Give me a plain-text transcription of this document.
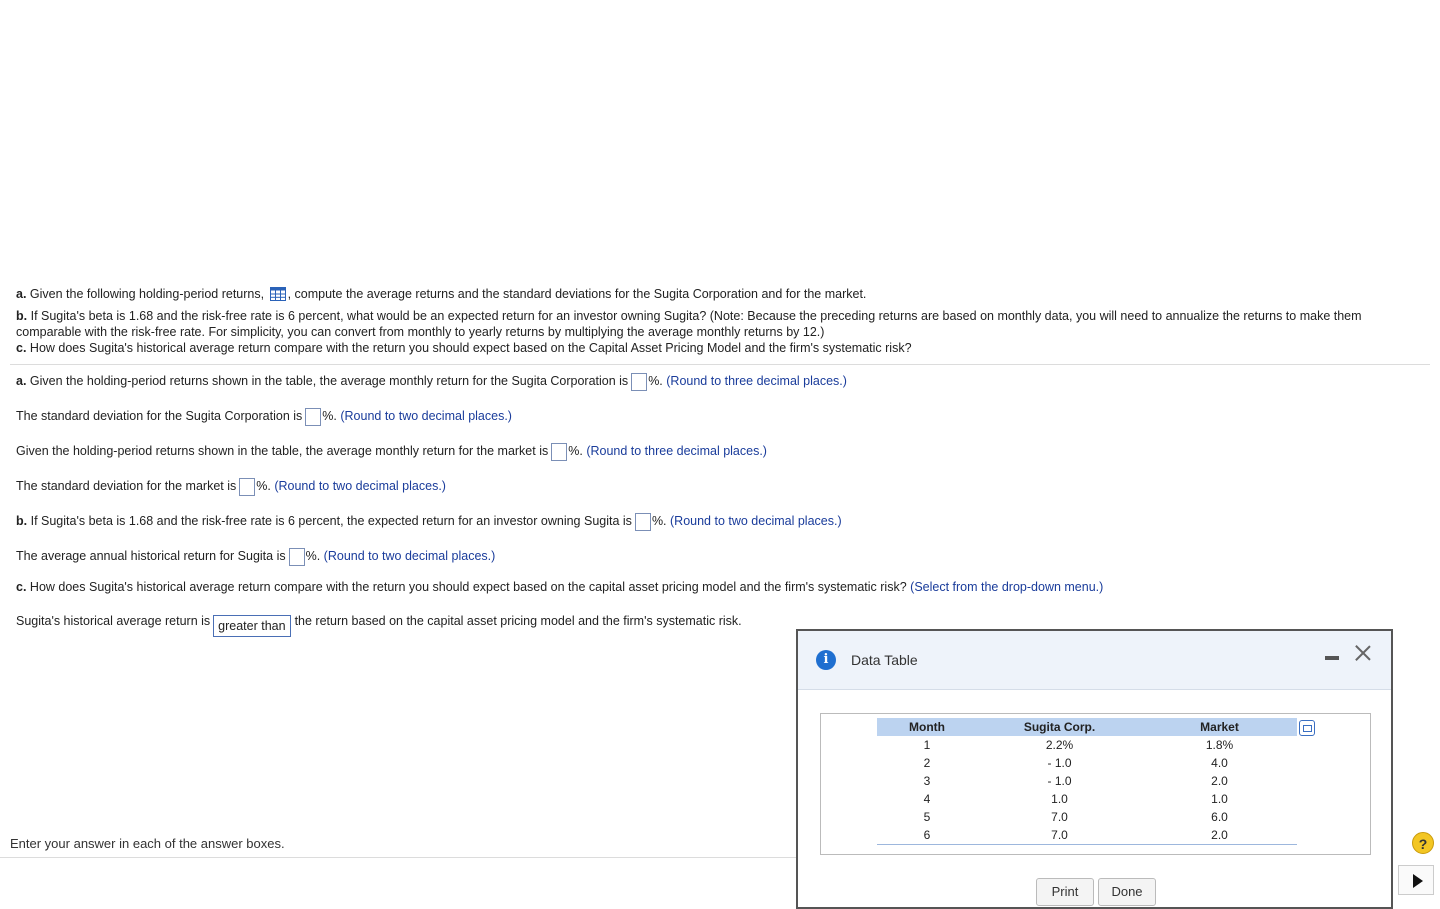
a. Given the following holding-period returns, , compute the average returns and the standard deviations for the Sugita Corporation and for the market.

b. If Sugita's beta is 1.68 and the risk-free rate is 6 percent, what would be an expected return for an investor owning Sugita? (Note: Because the preceding returns are based on monthly data, you will need to annualize the returns to make them comparable with the risk-free rate. For simplicity, you can convert from monthly to yearly returns by multiplying the average monthly returns by 12.)

c. How does Sugita's historical average return compare with the return you should expect based on the Capital Asset Pricing Model and the firm's systematic risk?

a. Given the holding-period returns shown in the table, the average monthly return for the Sugita Corporation is %. (Round to three decimal places.)
The standard deviation for the Sugita Corporation is %. (Round to two decimal places.)
Given the holding-period returns shown in the table, the average monthly return for the market is %. (Round to three decimal places.)
The standard deviation for the market is %. (Round to two decimal places.)
b. If Sugita's beta is 1.68 and the risk-free rate is 6 percent, the expected return for an investor owning Sugita is %. (Round to two decimal places.)
The average annual historical return for Sugita is %. (Round to two decimal places.)
c. How does Sugita's historical average return compare with the return you should expect based on the capital asset pricing model and the firm's systematic risk? (Select from the drop-down menu.)
Sugita's historical average return is greater than the return based on the capital asset pricing model and the firm's systematic risk.
Enter your answer in each of the answer boxes.	?
i	Data Table
Month	Sugita Corp.	Market
1	2.2%	1.8%
2	- 1.0	4.0
3	- 1.0	2.0
4	1.0	1.0
5	7.0	6.0
6	7.0	2.0
Print	Done
